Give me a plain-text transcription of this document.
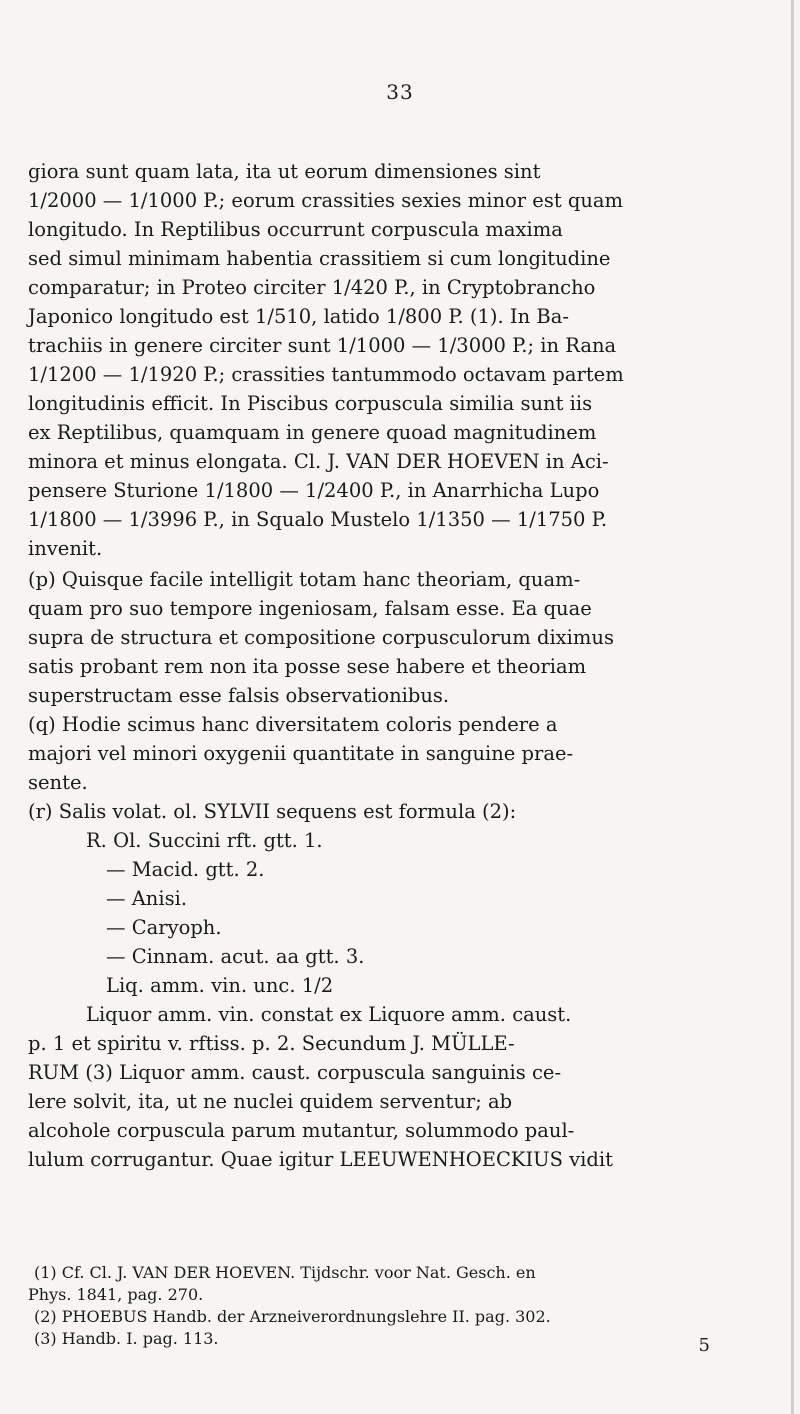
33
giora sunt quam lata, ita ut eorum dimensiones sint
1/2000 — 1/1000 P.; eorum crassities sexies minor est quam
longitudo. In Reptilibus occurrunt corpuscula maxima
sed simul minimam habentia crassitiem si cum longitudine
comparatur; in Proteo circiter 1/420 P., in Cryptobrancho
Japonico longitudo est 1/510, latido 1/800 P. (1). In Ba-
trachiis in genere circiter sunt 1/1000 — 1/3000 P.; in Rana
1/1200 — 1/1920 P.; crassities tantummodo octavam partem
longitudinis efficit. In Piscibus corpuscula similia sunt iis
ex Reptilibus, quamquam in genere quoad magnitudinem
minora et minus elongata. Cl. J. VAN DER HOEVEN in Aci-
pensere Sturione 1/1800 — 1/2400 P., in Anarrhicha Lupo
1/1800 — 1/3996 P., in Squalo Mustelo 1/1350 — 1/1750 P.
invenit.
(p) Quisque facile intelligit totam hanc theoriam, quam-
quam pro suo tempore ingeniosam, falsam esse. Ea quae
supra de structura et compositione corpusculorum diximus
satis probant rem non ita posse sese habere et theoriam
superstructam esse falsis observationibus.
(q) Hodie scimus hanc diversitatem coloris pendere a
majori vel minori oxygenii quantitate in sanguine prae-
sente.
(r) Salis volat. ol. SYLVII sequens est formula (2):
R. Ol. Succini rft. gtt. 1.
— Macid. gtt. 2.
— Anisi.
— Caryoph.
— Cinnam. acut. aa gtt. 3.
Liq. amm. vin. unc. 1/2
Liquor amm. vin. constat ex Liquore amm. caust.
p. 1 et spiritu v. rftiss. p. 2. Secundum J. MÜLLE-
RUM (3) Liquor amm. caust. corpuscula sanguinis ce-
lere solvit, ita, ut ne nuclei quidem serventur; ab
alcohole corpuscula parum mutantur, solummodo paul-
lulum corrugantur. Quae igitur LEEUWENHOECKIUS vidit
(1) Cf. Cl. J. VAN DER HOEVEN. Tijdschr. voor Nat. Gesch. en
Phys. 1841, pag. 270.
(2) PHOEBUS Handb. der Arzneiverordnungslehre II. pag. 302.
(3) Handb. I. pag. 113.	5
